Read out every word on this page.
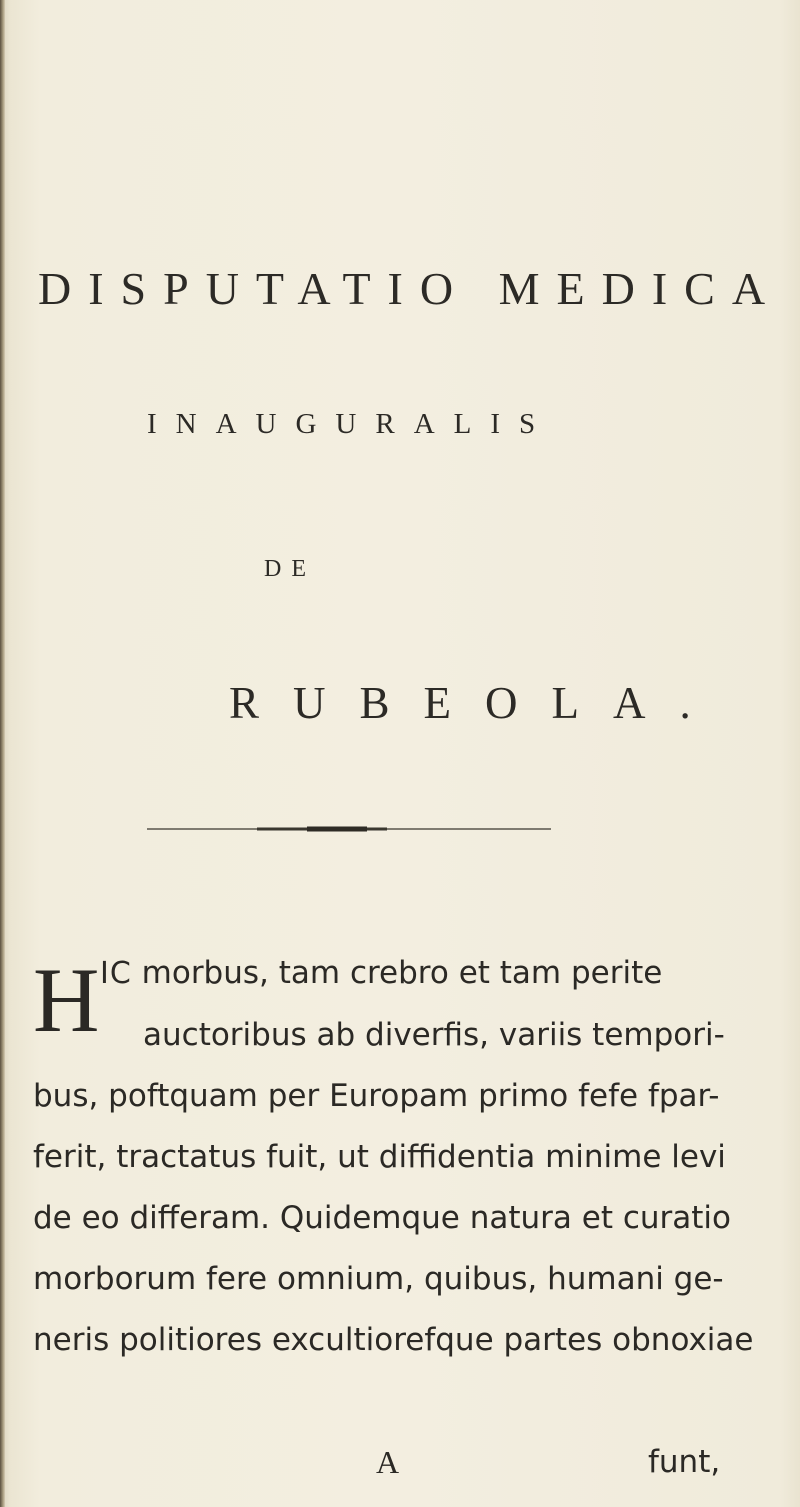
DISPUTATIO MEDICA
INAUGURALIS
DE
RUBEOLA.
H IC morbus, tam crebro et tam perite
auctoribus ab diverfis, variis tempori-
bus, poftquam per Europam primo fefe fpar-
ferit, tractatus fuit, ut diffidentia minime levi
de eo differam. Quidemque natura et curatio
morborum fere omnium, quibus, humani ge-
neris politiores excultiorefque partes obnoxiae
A	funt,
